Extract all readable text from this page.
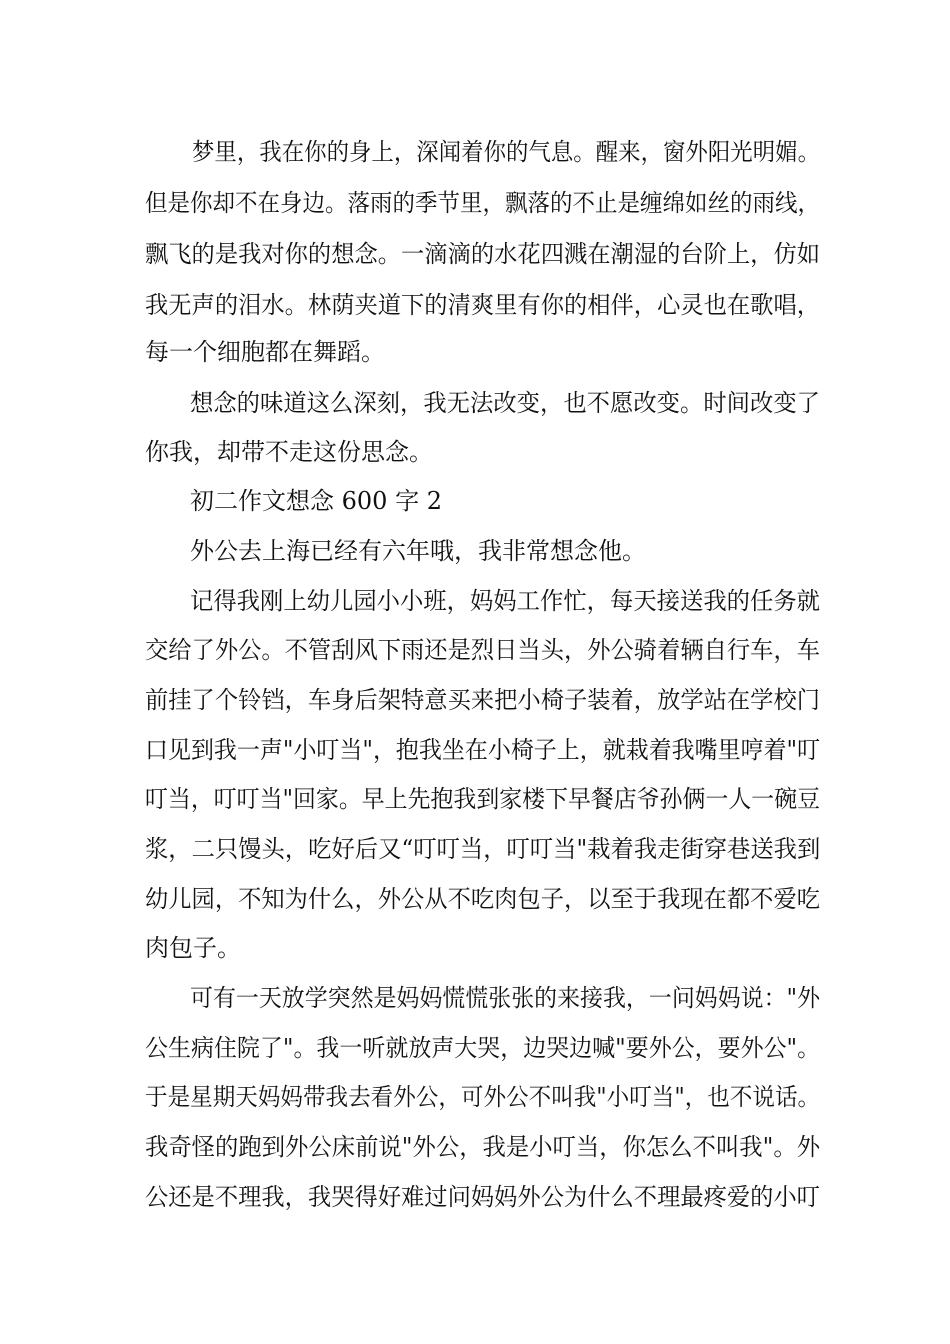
梦里，我在你的身上，深闻着你的气息。醒来，窗外阳光明媚。
但是你却不在身边。落雨的季节里，飘落的不止是缠绵如丝的雨线，
飘飞的是我对你的想念。一滴滴的水花四溅在潮湿的台阶上，仿如
我无声的泪水。林荫夹道下的清爽里有你的相伴，心灵也在歌唱，
每一个细胞都在舞蹈。
想念的味道这么深刻，我无法改变，也不愿改变。时间改变了
你我，却带不走这份思念。
初二作文想念 600 字 2
外公去上海已经有六年哦，我非常想念他。
记得我刚上幼儿园小小班，妈妈工作忙，每天接送我的任务就
交给了外公。不管刮风下雨还是烈日当头，外公骑着辆自行车，车
前挂了个铃铛，车身后架特意买来把小椅子装着，放学站在学校门
口见到我一声"小叮当"，抱我坐在小椅子上，就栽着我嘴里哼着"叮
叮当，叮叮当"回家。早上先抱我到家楼下早餐店爷孙俩一人一碗豆
浆，二只馒头，吃好后又“叮叮当，叮叮当"栽着我走街穿巷送我到
幼儿园，不知为什么，外公从不吃肉包子，以至于我现在都不爱吃
肉包子。
可有一天放学突然是妈妈慌慌张张的来接我，一问妈妈说："外
公生病住院了"。我一听就放声大哭，边哭边喊"要外公，要外公"。
于是星期天妈妈带我去看外公，可外公不叫我"小叮当"，也不说话。
我奇怪的跑到外公床前说"外公，我是小叮当，你怎么不叫我"。外
公还是不理我，我哭得好难过问妈妈外公为什么不理最疼爱的小叮
